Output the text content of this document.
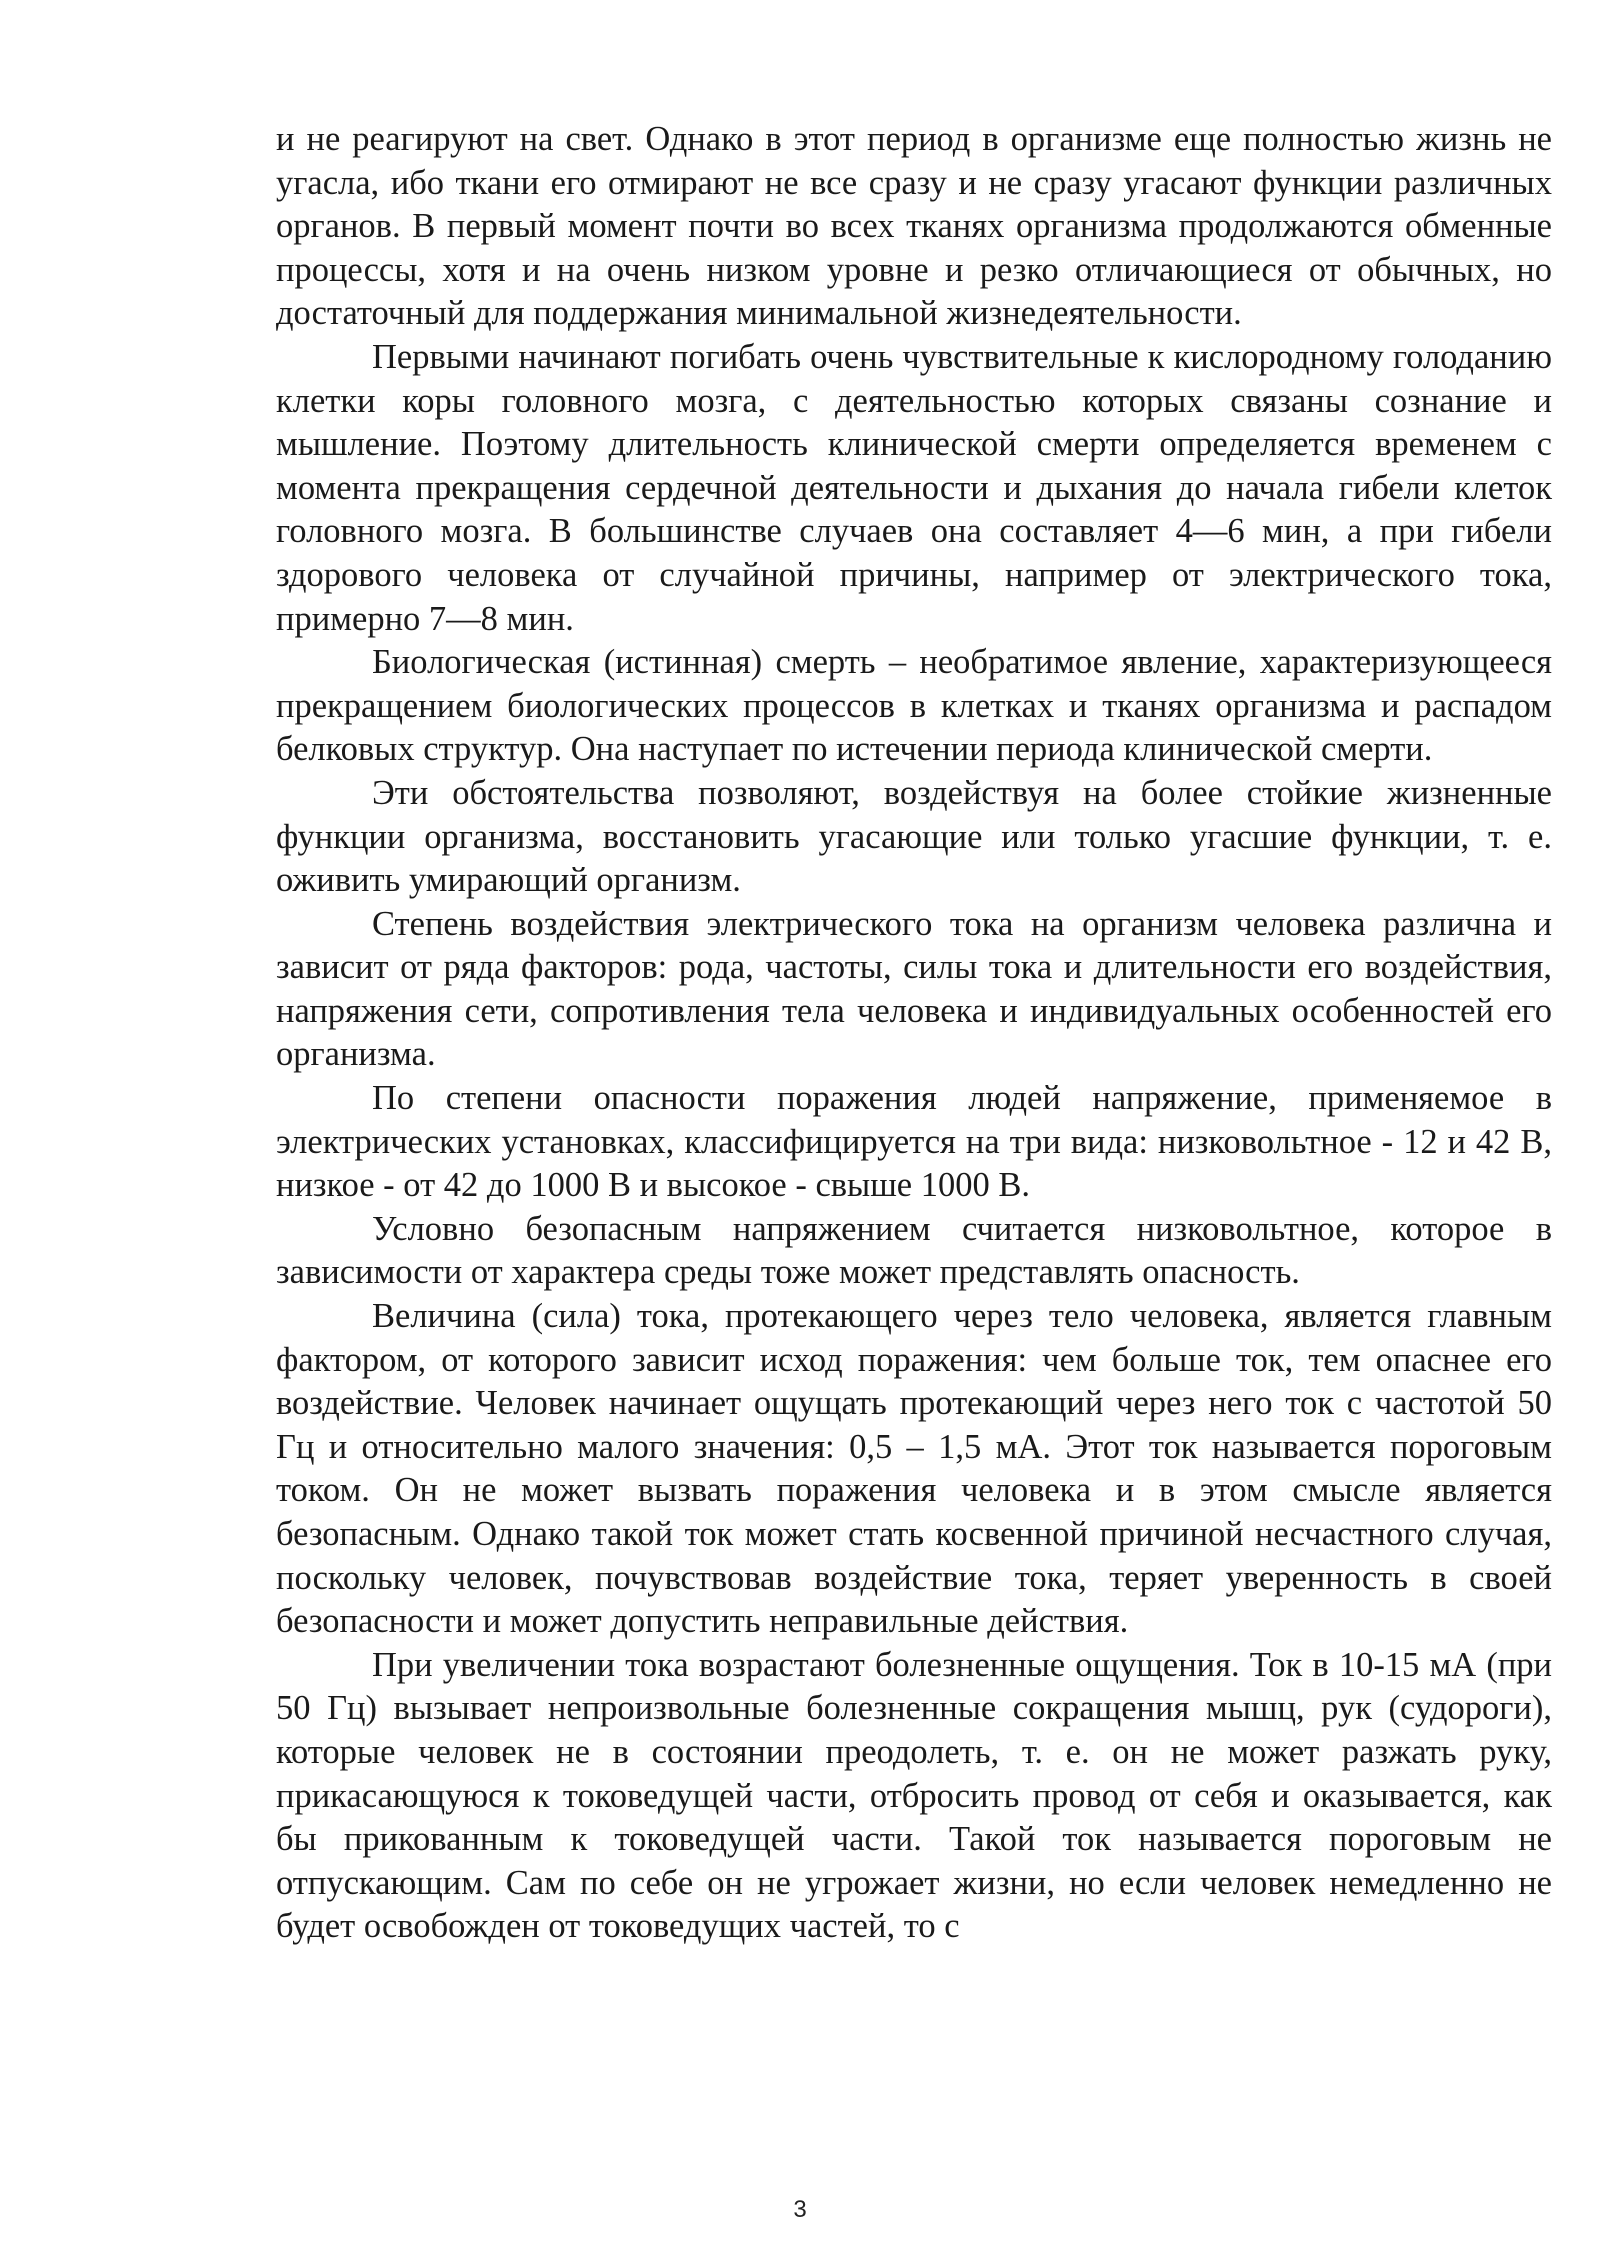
и не реагируют на свет. Однако в этот период в организме еще полностью жизнь не угасла, ибо ткани его отмирают не все сразу и не сразу угасают функции различных органов. В первый момент почти во всех тканях организма продолжаются обменные процессы, хотя и на очень низком уровне и резко отличающиеся от обычных, но достаточный для поддержания минимальной жизнедеятельности.

Первыми начинают погибать очень чувствительные к кислородному голоданию клетки коры головного мозга, с деятельностью которых связаны сознание и мышление. Поэтому длительность клинической смерти определяется временем с момента прекращения сердечной деятельности и дыхания до начала гибели клеток головного мозга. В большинстве случаев она составляет 4—6 мин, а при гибели здорового человека от случайной причины, например от электрического тока, примерно 7—8 мин.

Биологическая (истинная) смерть – необратимое явление, характеризующееся прекращением биологических процессов в клетках и тканях организма и распадом белковых структур. Она наступает по истечении периода клинической смерти.

Эти обстоятельства позволяют, воздействуя на более стойкие жизненные функции организма, восстановить угасающие или только угасшие функции, т. е. оживить умирающий организм.

Степень воздействия электрического тока на организм человека различна и зависит от ряда факторов: рода, частоты, силы тока и длительности его воздействия, напряжения сети, сопротивления тела человека и индивидуальных особенностей его организма.

По степени опасности поражения людей напряжение, применяемое в электрических установках, классифицируется на три вида: низковольтное - 12 и 42 В, низкое - от 42 до 1000 В и высокое - свыше 1000 В.

Условно безопасным напряжением считается низковольтное, которое в зависимости от характера среды тоже может представлять опасность.

Величина (сила) тока, протекающего через тело человека, является главным фактором, от которого зависит исход поражения: чем больше ток, тем опаснее его воздействие. Человек начинает ощущать протекающий через него ток с частотой 50 Гц и относительно малого значения: 0,5 – 1,5 мА. Этот ток называется пороговым током. Он не может вызвать поражения человека и в этом смысле является безопасным. Однако такой ток может стать косвенной причиной несчастного случая, поскольку человек, почувствовав воздействие тока, теряет уверенность в своей безопасности и может допустить неправильные действия.

При увеличении тока возрастают болезненные ощущения. Ток в 10-15 мА (при 50 Гц) вызывает непроизвольные болезненные сокращения мышц, рук (судороги), которые человек не в состоянии преодолеть, т. е. он не может разжать руку, прикасающуюся к токоведущей части, отбросить провод от себя и оказывается, как бы прикованным к токоведущей части. Такой ток называется пороговым не отпускающим. Сам по себе он не угрожает жизни, но если человек немедленно не будет освобожден от токоведущих частей, то с

3
